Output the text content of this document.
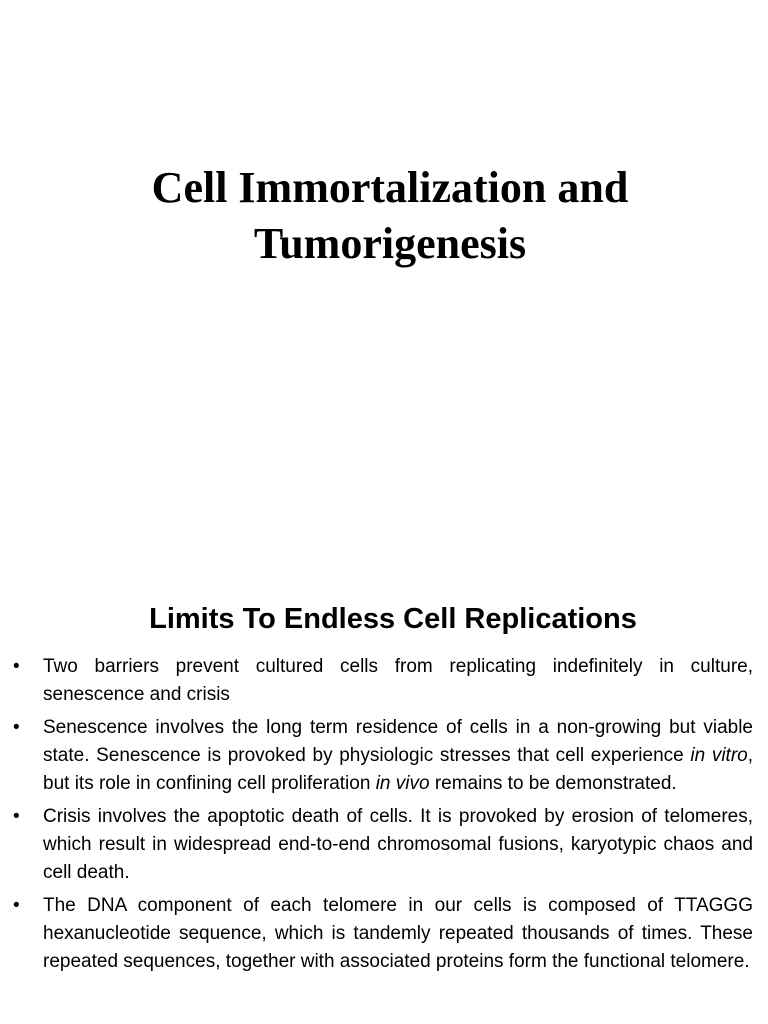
Cell Immortalization and
Tumorigenesis
Limits To Endless Cell Replications
• Two barriers prevent cultured cells from replicating indefinitely in culture, senescence and crisis
• Senescence involves the long term residence of cells in a non-growing but viable state. Senescence is provoked by physiologic stresses that cell experience in vitro, but its role in confining cell proliferation in vivo remains to be demonstrated.
• Crisis involves the apoptotic death of cells. It is provoked by erosion of telomeres, which result in widespread end-to-end chromosomal fusions, karyotypic chaos and cell death.
• The DNA component of each telomere in our cells is composed of TTAGGG hexanucleotide sequence, which is tandemly repeated thousands of times. These repeated sequences, together with associated proteins form the functional telomere.
